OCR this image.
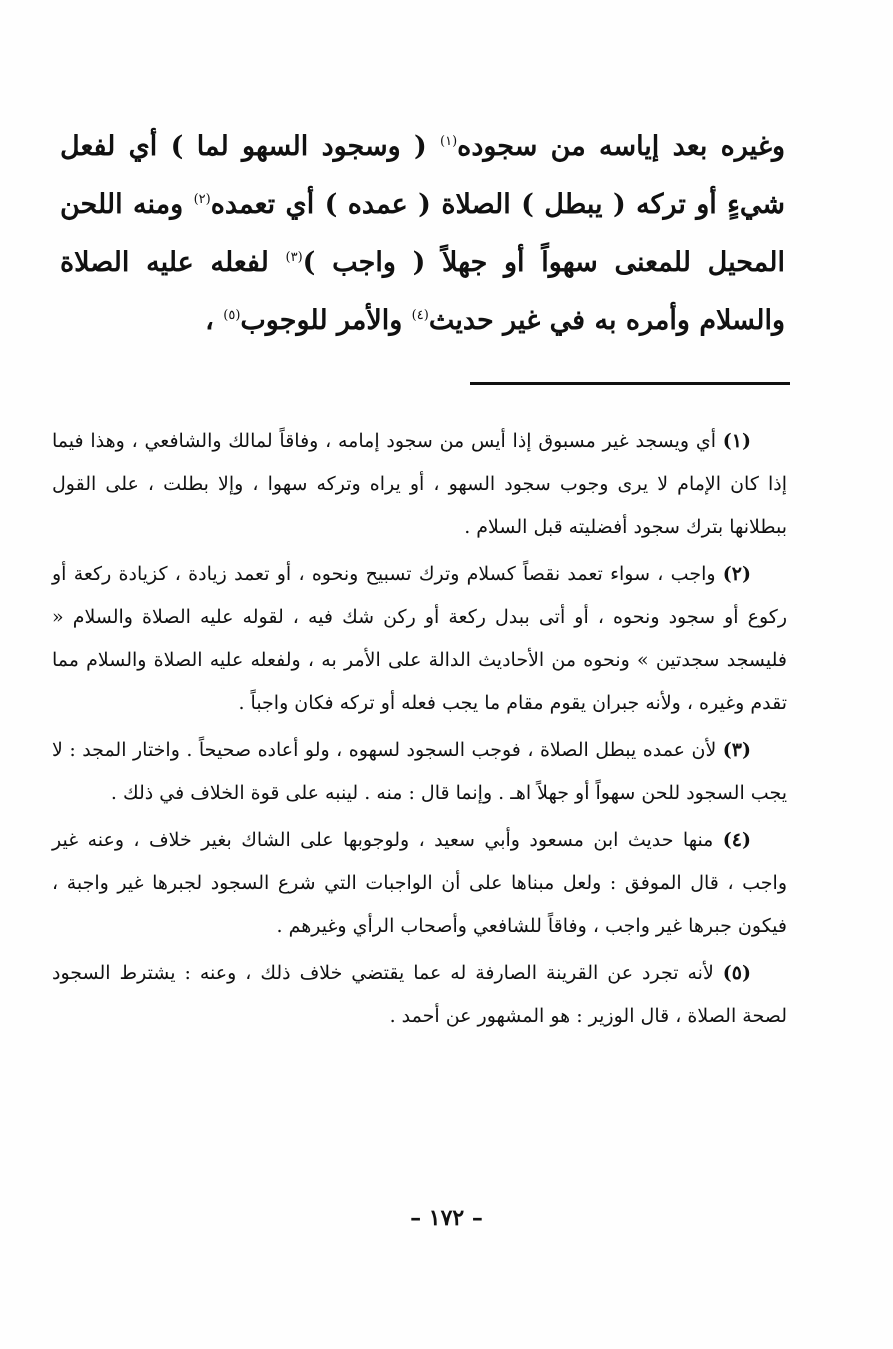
وغيره بعد إياسه من سجوده$^{(١)}$ ( وسجود السهو لما ) أي لفعل شيءٍ أو تركه ( يبطل ) الصلاة ( عمده ) أي تعمده$^{(٢)}$ ومنه اللحن المحيل للمعنى سهواً أو جهلاً ( واجب )$^{(٣)}$ لفعله عليه الصلاة والسلام وأمره به في غير حديث$^{(٤)}$ والأمر للوجوب$^{(٥)}$ ،

(١) أي ويسجد غير مسبوق إذا أيس من سجود إمامه ، وفاقاً لمالك والشافعي ، وهذا فيما إذا كان الإمام لا يرى وجوب سجود السهو ، أو يراه وتركه سهوا ، وإلا بطلت ، على القول ببطلانها بترك سجود أفضليته قبل السلام .

(٢) واجب ، سواء تعمد نقصاً كسلام وترك تسبيح ونحوه ، أو تعمد زيادة ، كزيادة ركعة أو ركوع أو سجود ونحوه ، أو أتى ببدل ركعة أو ركن شك فيه ، لقوله عليه الصلاة والسلام « فليسجد سجدتين » ونحوه من الأحاديث الدالة على الأمر به ، ولفعله عليه الصلاة والسلام مما تقدم وغيره ، ولأنه جبران يقوم مقام ما يجب فعله أو تركه فكان واجباً .

(٣) لأن عمده يبطل الصلاة ، فوجب السجود لسهوه ، ولو أعاده صحيحاً . واختار المجد : لا يجب السجود للحن سهواً أو جهلاً اهـ . وإنما قال : منه . لينبه على قوة الخلاف في ذلك .

(٤) منها حديث ابن مسعود وأبي سعيد ، ولوجوبها على الشاك بغير خلاف ، وعنه غير واجب ، قال الموفق : ولعل مبناها على أن الواجبات التي شرع السجود لجبرها غير واجبة ، فيكون جبرها غير واجب ، وفاقاً للشافعي وأصحاب الرأي وغيرهم .

(٥) لأنه تجرد عن القرينة الصارفة له عما يقتضي خلاف ذلك ، وعنه : يشترط السجود لصحة الصلاة ، قال الوزير : هو المشهور عن أحمد .

– ١٧٢ –
